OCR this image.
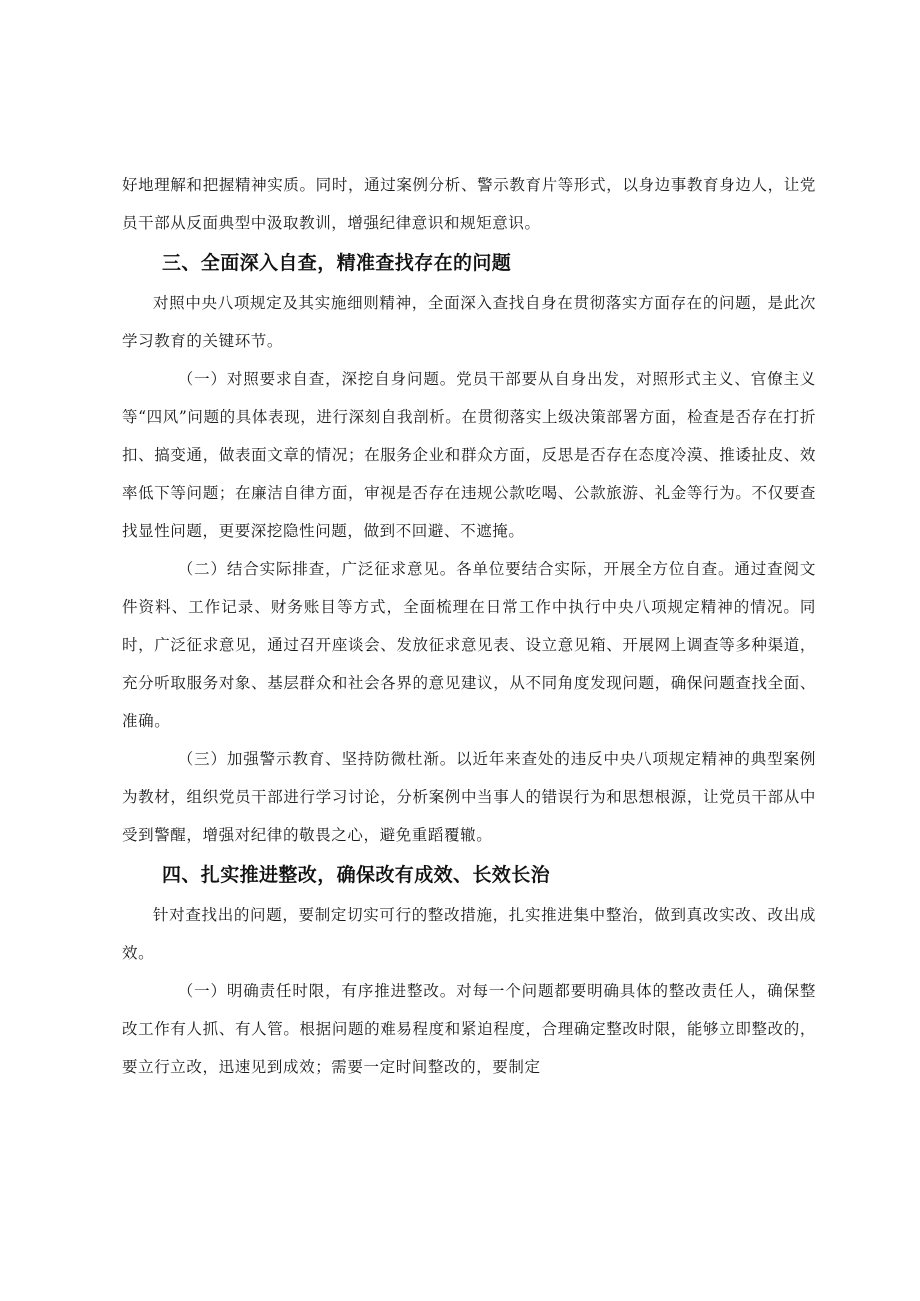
好地理解和把握精神实质。同时，通过案例分析、警示教育片等形式，以身边事教育身边人，让党员干部从反面典型中汲取教训，增强纪律意识和规矩意识。

三、全面深入自查，精准查找存在的问题

对照中央八项规定及其实施细则精神，全面深入查找自身在贯彻落实方面存在的问题，是此次学习教育的关键环节。

（一）对照要求自查，深挖自身问题。党员干部要从自身出发，对照形式主义、官僚主义等“四风”问题的具体表现，进行深刻自我剖析。在贯彻落实上级决策部署方面，检查是否存在打折扣、搞变通，做表面文章的情况；在服务企业和群众方面，反思是否存在态度冷漠、推诿扯皮、效率低下等问题；在廉洁自律方面，审视是否存在违规公款吃喝、公款旅游、礼金等行为。不仅要查找显性问题，更要深挖隐性问题，做到不回避、不遮掩。

（二）结合实际排查，广泛征求意见。各单位要结合实际，开展全方位自查。通过查阅文件资料、工作记录、财务账目等方式，全面梳理在日常工作中执行中央八项规定精神的情况。同时，广泛征求意见，通过召开座谈会、发放征求意见表、设立意见箱、开展网上调查等多种渠道，充分听取服务对象、基层群众和社会各界的意见建议，从不同角度发现问题，确保问题查找全面、准确。

（三）加强警示教育、坚持防微杜渐。以近年来查处的违反中央八项规定精神的典型案例为教材，组织党员干部进行学习讨论，分析案例中当事人的错误行为和思想根源，让党员干部从中受到警醒，增强对纪律的敬畏之心，避免重蹈覆辙。

四、扎实推进整改，确保改有成效、长效长治

针对查找出的问题，要制定切实可行的整改措施，扎实推进集中整治，做到真改实改、改出成效。

（一）明确责任时限，有序推进整改。对每一个问题都要明确具体的整改责任人，确保整改工作有人抓、有人管。根据问题的难易程度和紧迫程度，合理确定整改时限，能够立即整改的，要立行立改，迅速见到成效；需要一定时间整改的，要制定
